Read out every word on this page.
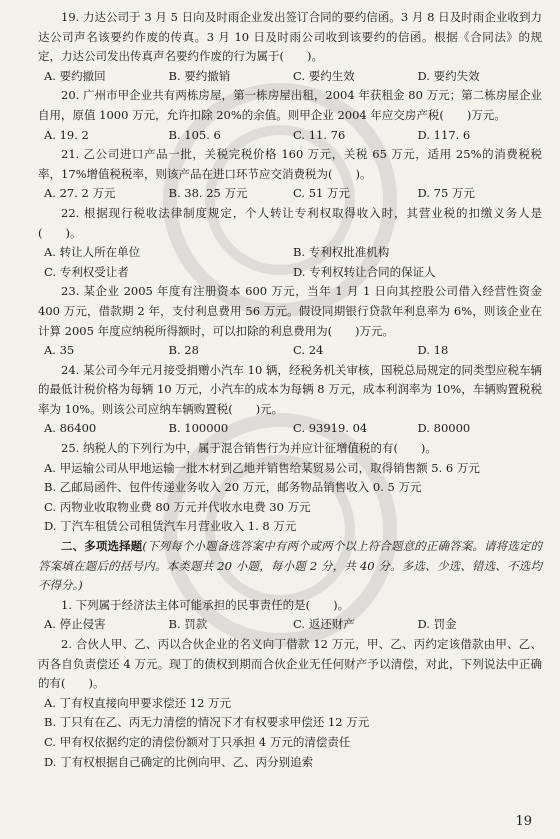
19. 力达公司于 3 月 5 日向及时雨企业发出签订合同的要约信函。3 月 8 日及时雨企业收到力达公司声名该要约作废的传真。3 月 10 日及时雨公司收到该要约的信函。根据《合同法》的规定，力达公司发出传真声名要约作废的行为属于(　　)。

A. 要约撤回	B. 要约撤销	C. 要约生效	D. 要约失效

20. 广州市甲企业共有两栋房屋，第一栋房屋出租，2004 年获租金 80 万元；第二栋房屋企业自用，原值 1000 万元，允许扣除 20%的余值。则甲企业 2004 年应交房产税(　　)万元。

A. 19. 2	B. 105. 6	C. 11. 76	D. 117. 6

21. 乙公司进口产品一批，关税完税价格 160 万元，关税 65 万元，适用 25%的消费税税率，17%增值税税率，则该产品在进口环节应交消费税为(　　)。

A. 27. 2 万元	B. 38. 25 万元	C. 51 万元	D. 75 万元

22. 根据现行税收法律制度规定，个人转让专利权取得收入时，其营业税的扣缴义务人是(　　)。

A. 转让人所在单位	B. 专利权批准机构
C. 专利权受让者	D. 专利权转让合同的保证人

23. 某企业 2005 年度有注册资本 600 万元，当年 1 月 1 日向其控股公司借入经营性资金 400 万元，借款期 2 年，支付利息费用 56 万元。假设同期银行贷款年利息率为 6%，则该企业在计算 2005 年度应纳税所得额时，可以扣除的利息费用为(　　)万元。

A. 35	B. 28	C. 24	D. 18

24. 某公司今年元月接受捐赠小汽车 10 辆，经税务机关审核，国税总局规定的同类型应税车辆的最低计税价格为每辆 10 万元，小汽车的成本为每辆 8 万元，成本利润率为 10%，车辆购置税税率为 10%。则该公司应纳车辆购置税(　　)元。

A. 86400	B. 100000	C. 93919. 04	D. 80000

25. 纳税人的下列行为中，属于混合销售行为并应计征增值税的有(　　)。

A. 甲运输公司从甲地运输一批木材到乙地并销售给某贸易公司，取得销售额 5. 6 万元
B. 乙邮局函件、包件传递业务收入 20 万元，邮务物品销售收入 0. 5 万元
C. 丙物业收取物业费 80 万元并代收水电费 30 万元
D. 丁汽车租赁公司租赁汽车月营业收入 1. 8 万元

二、多项选择题(下列每个小题备选答案中有两个或两个以上符合题意的正确答案。请将选定的答案填在题后的括号内。本类题共 20 小题，每小题 2 分，共 40 分。多选、少选、错选、不选均不得分。)

1. 下列属于经济法主体可能承担的民事责任的是(　　)。

A. 停止侵害	B. 罚款	C. 返还财产	D. 罚金

2. 合伙人甲、乙、丙以合伙企业的名义向丁借款 12 万元，甲、乙、丙约定该借款由甲、乙、丙各自负责偿还 4 万元。现丁的债权到期而合伙企业无任何财产予以清偿，对此，下列说法中正确的有(　　)。

A. 丁有权直接向甲要求偿还 12 万元
B. 丁只有在乙、丙无力清偿的情况下才有权要求甲偿还 12 万元
C. 甲有权依据约定的清偿份额对丁只承担 4 万元的清偿责任
D. 丁有权根据自己确定的比例向甲、乙、丙分别追索
19
